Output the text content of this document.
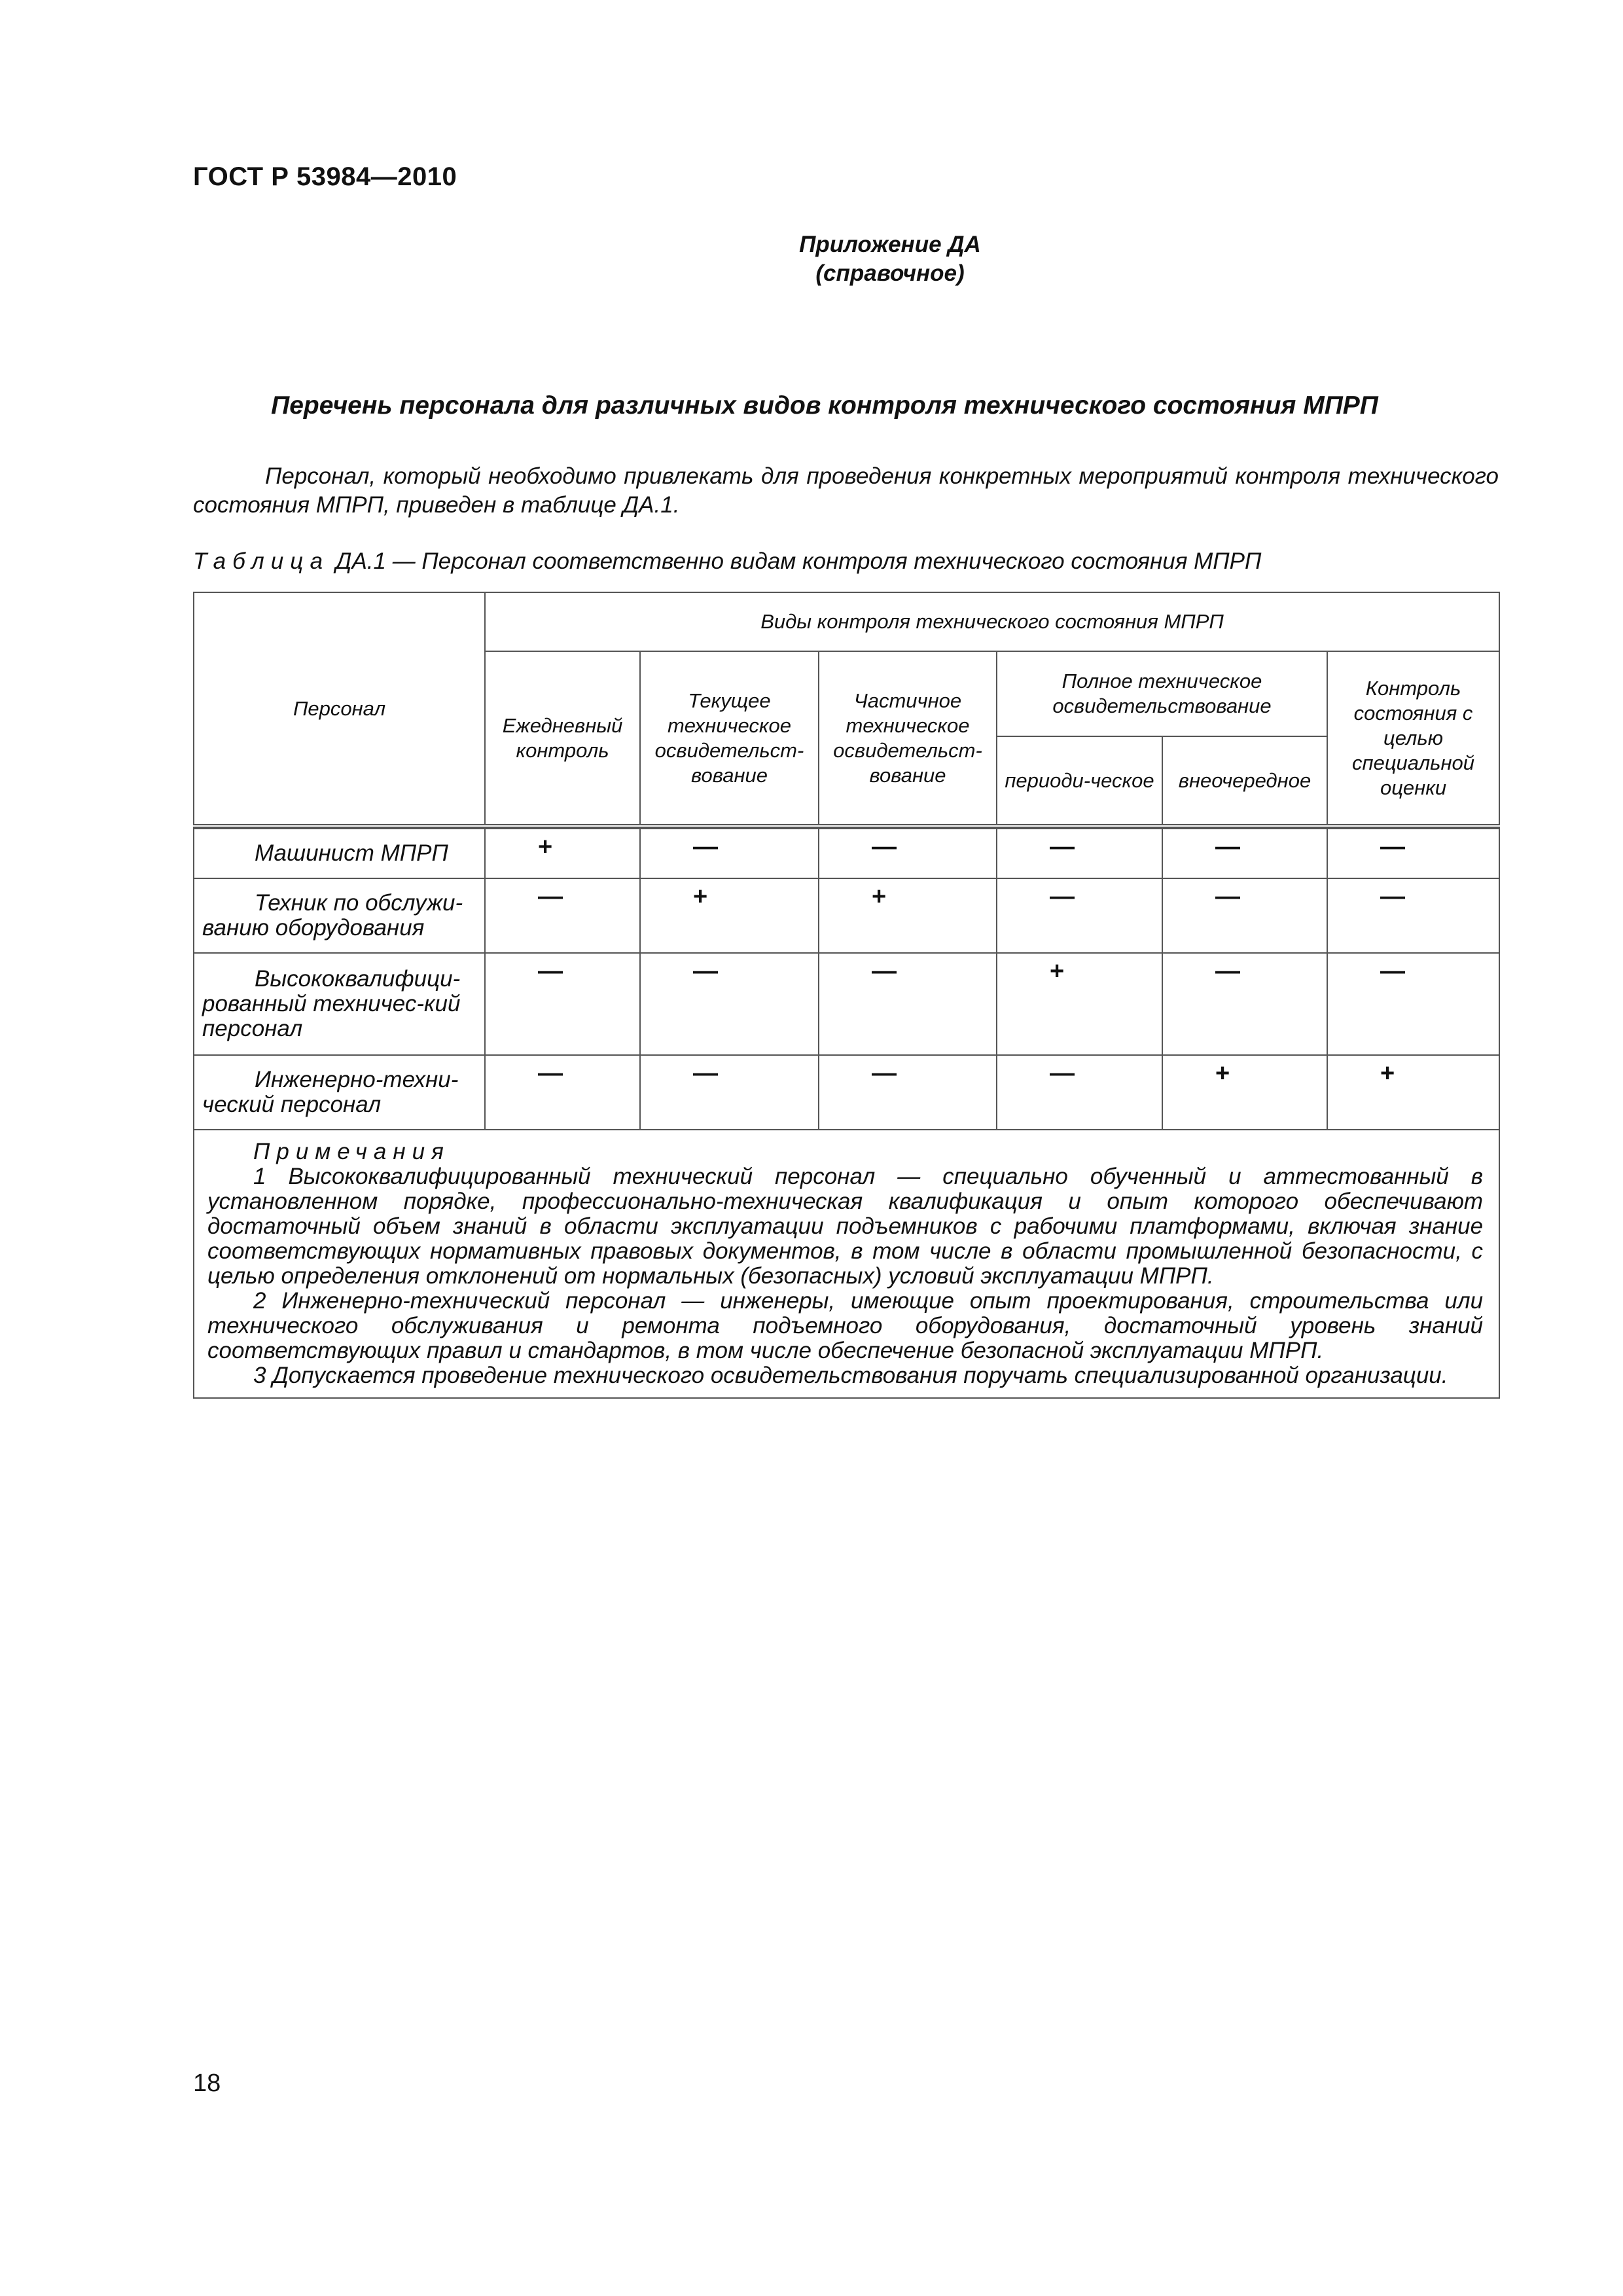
ГОСТ Р 53984—2010
Приложение ДА
(справочное)
Перечень персонала для различных видов контроля технического состояния МПРП
Персонал, который необходимо привлекать для проведения конкретных мероприятий контроля технического состояния МПРП, приведен в таблице ДА.1.
Таблица ДА.1 — Персонал соответственно видам контроля технического состояния МПРП
Персонал	Виды контроля технического состояния МПРП					
	Ежедневный контроль	Текущее техническое освидетельст-вование	Частичное техническое освидетельст-вование	Полное техническое освидетельствование		Контроль состояния с целью специальной оценки
				периоди-ческое	внеочередное	

Машинист МПРП	+	—	—	—	—	—

Техник по обслужи-
ванию оборудования	—	+	+	—	—	—

Высококвалифици-
рованный техничес-кий персонал	—	—	—	+	—	—

Инженерно-техни-
ческий персонал	—	—	—	—	+	+

Примечания

1 Высококвалифицированный технический персонал — специально обученный и аттестованный в установленном порядке, профессионально-техническая квалификация и опыт которого обеспечивают достаточный объем знаний в области эксплуатации подъемников с рабочими платформами, включая знание соответствующих нормативных правовых документов, в том числе в области промышленной безопасности, с целью определения отклонений от нормальных (безопасных) условий эксплуатации МПРП.

2 Инженерно-технический персонал — инженеры, имеющие опыт проектирования, строительства или технического обслуживания и ремонта подъемного оборудования, достаточный уровень знаний соответствующих правил и стандартов, в том числе обеспечение безопасной эксплуатации МПРП.

3 Допускается проведение технического освидетельствования поручать специализированной организации.						

18
